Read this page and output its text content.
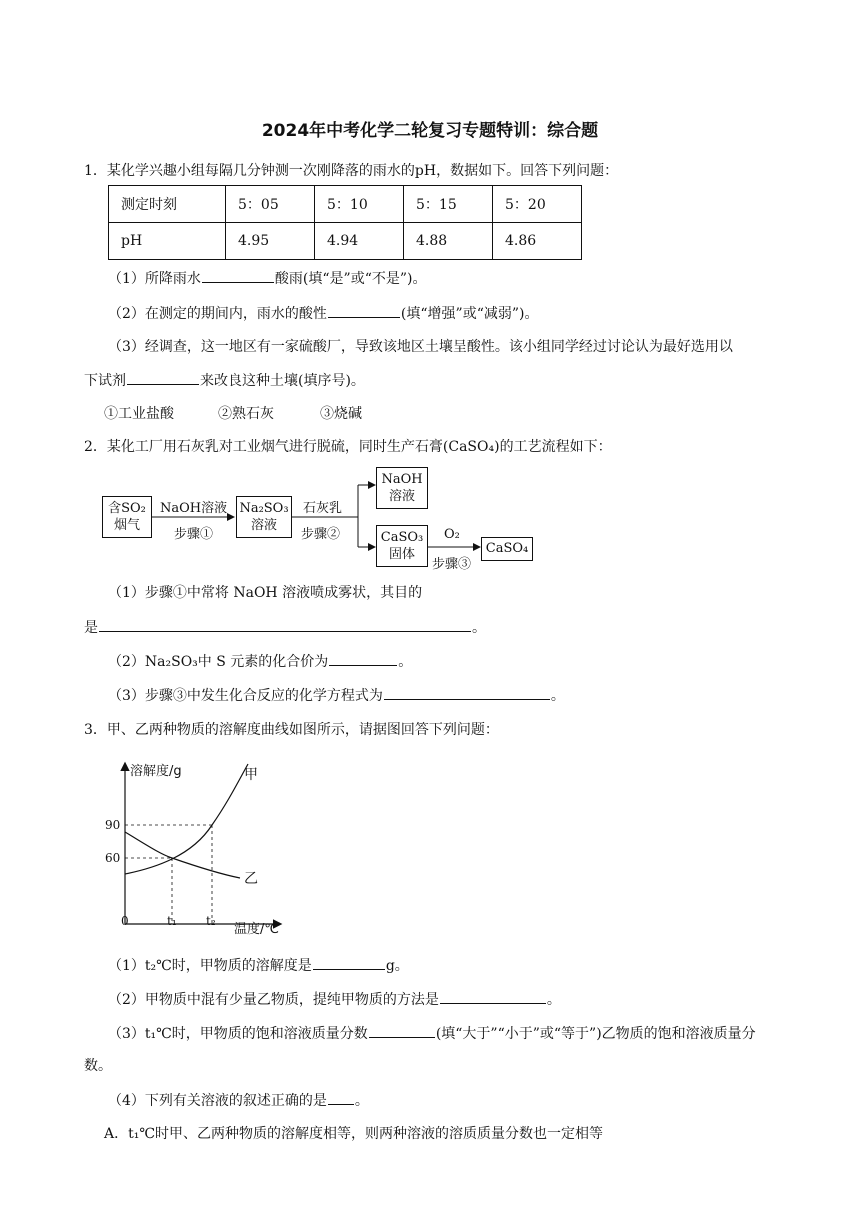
2024年中考化学二轮复习专题特训：综合题
1．某化学兴趣小组每隔几分钟测一次刚降落的雨水的pH，数据如下。回答下列问题：
测定时刻	5：05	5：10	5：15	5：20
pH	4.95	4.94	4.88	4.86
（1）所降雨水	酸雨(填“是”或“不是”)。
（2）在测定的期间内，雨水的酸性	(填“增强”或“减弱”)。
（3）经调查，这一地区有一家硫酸厂，导致该地区土壤呈酸性。该小组同学经过讨论认为最好选用以
下试剂	来改良这种土壤(填序号)。
①工业盐酸	②熟石灰	③烧碱
2．某化工厂用石灰乳对工业烟气进行脱硫，同时生产石膏(CaSO₄)的工艺流程如下：
含SO₂
烟气
NaOH溶液
步骤①
Na₂SO₃
溶液
石灰乳
步骤②
NaOH
溶液
CaSO₃
固体
O₂
步骤③
CaSO₄
（1）步骤①中常将 NaOH 溶液喷成雾状，其目的
是	。
（2）Na₂SO₃中 S 元素的化合价为	。
（3）步骤③中发生化合反应的化学方程式为	。
3．甲、乙两种物质的溶解度曲线如图所示，请据图回答下列问题：
溶解度/g	甲
乙
90
60
0	t₁ t₂
温度/℃
（1）t₂℃时，甲物质的溶解度是	g。
（2）甲物质中混有少量乙物质，提纯甲物质的方法是	。
（3）t₁℃时，甲物质的饱和溶液质量分数	(填“大于”“小于”或“等于”)乙物质的饱和溶液质量分
数。
（4）下列有关溶液的叙述正确的是 。
A．t₁℃时甲、乙两种物质的溶解度相等，则两种溶液的溶质质量分数也一定相等
